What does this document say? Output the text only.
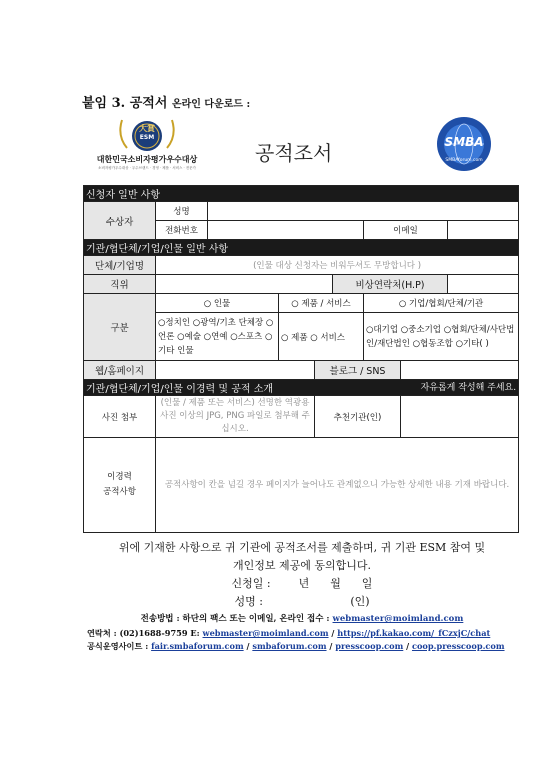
붙임 3. 공적서 온라인 다운로드 :
大賞
ESM
대한민국소비자평가우수대상
소비자평가우수대상 · 우수브랜드 · 경영 · 제품 · 서비스 · 전문가
공적조서	SMBA
SMBAforum.com
신청자 일반 사항								
수상자	성명							
	전화번호					이메일		
기관/협단체/기업/인물 일반 사항								
단체/기업명	(인물 대상 신청자는 비워두셔도 무방합니다 )							
직위					비상연락처(H.P)			
구분	○ 인물		○ 제품 / 서비스			○ 기업/협회/단체/기관		
	○정치인 ○광역/기초 단체장 ○언론 ○예술 ○연예 ○스포츠 ○기타 인물		○ 제품 ○ 서비스			○대기업 ○중소기업 ○협회/단체/사단법인/재단법인 ○협동조합 ○기타( )		
웹/홈페이지				블로그 / SNS				
기관/협단체/기업/인물 이경력 및 공적 소개 자유롭게 작성해 주세요.								

사진 첨부	(인물 / 제품 또는 서비스) 선명한 역광용 사진 이상의 JPG, PNG 파일로 첨부해 주십시오.			추천기관(인)				
이경력
공적사항	공적사항이 칸을 넘길 경우 페이지가 늘어나도 관계없으니 가능한 상세한 내용 기재 바랍니다.							
위에 기재한 사항으로 귀 기관에 공적조서를 제출하며, 귀 기관 ESM 참여 및
개인정보 제공에 동의합니다.
신청일 :        년      월      일
성명 :                         (인)
전송방법 : 하단의 팩스 또는 이메일, 온라인 접수 : webmaster@moimland.com
연락처 : (02)1688-9759 E: webmaster@moimland.com / https://pf.kakao.com/_fCzxjC/chat
공식운영사이트 : fair.smbaforum.com / smbaforum.com / presscoop.com / coop.presscoop.com
